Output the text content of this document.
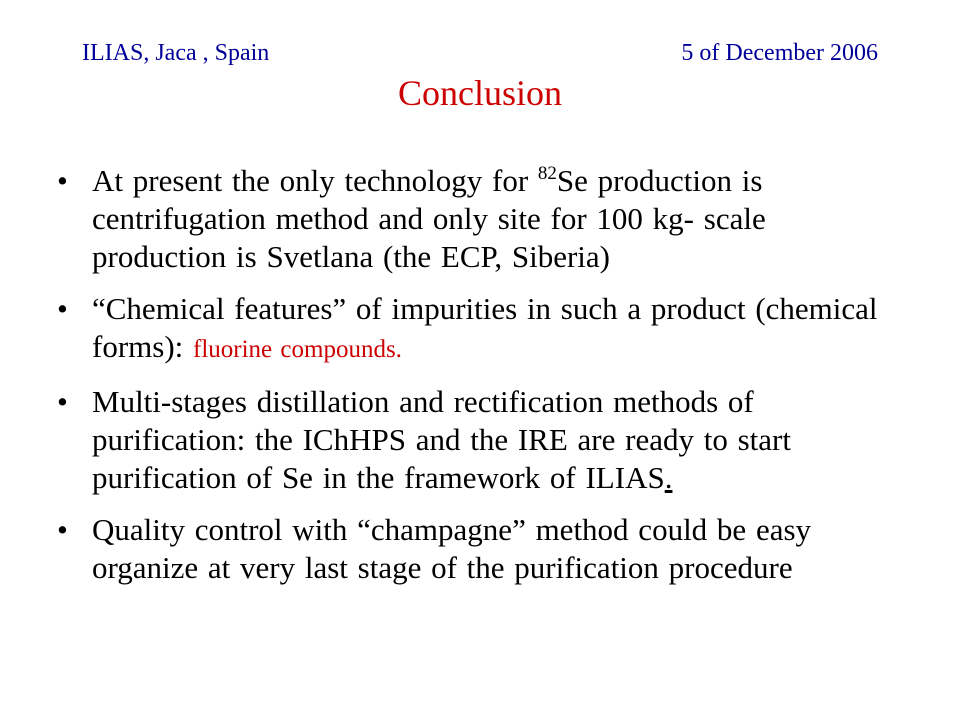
ILIAS, Jaca , Spain	5 of December 2006
Conclusion
• At present the only technology for $^{82}$Se production is centrifugation method and only site for 100 kg- scale production is Svetlana (the ECP, Siberia)
• “Chemical features” of impurities in such a product (chemical forms): fluorine compounds.
• Multi-stages distillation and rectification methods of purification: the IChHPS and the IRE are ready to start purification of Se in the framework of ILIAS.
• Quality control with “champagne” method could be easy organize at very last stage of the purification procedure
